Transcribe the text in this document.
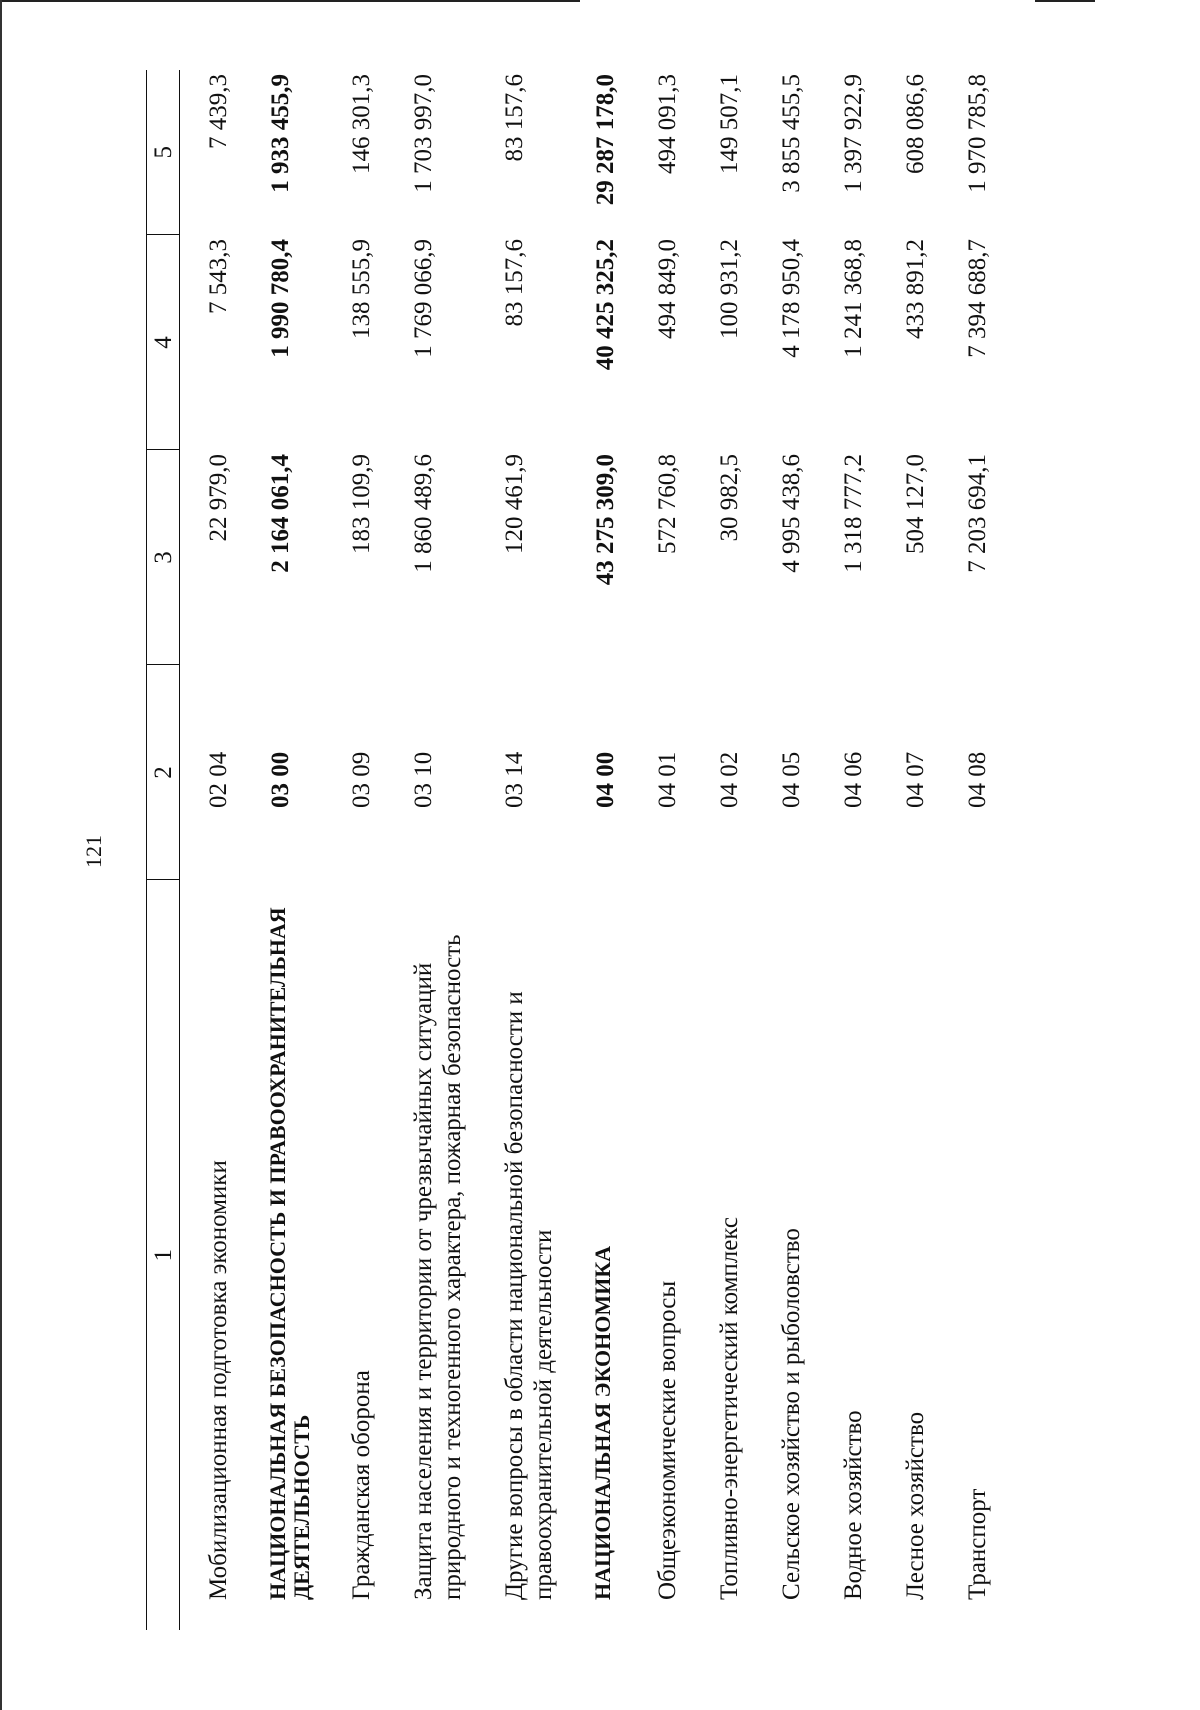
121
1	2	3	4	5

Мобилизационная подготовка экономики	02 04	22 979,0	7 543,3	7 439,3
НАЦИОНАЛЬНАЯ БЕЗОПАСНОСТЬ И ПРАВООХРАНИТЕЛЬНАЯ ДЕЯТЕЛЬНОСТЬ	03 00	2 164 061,4	1 990 780,4	1 933 455,9
Гражданская оборона	03 09	183 109,9	138 555,9	146 301,3
Защита населения и территории от чрезвычайных ситуаций природного и техногенного характера, пожарная безопасность	03 10	1 860 489,6	1 769 066,9	1 703 997,0
Другие вопросы в области национальной безопасности и правоохранительной деятельности	03 14	120 461,9	83 157,6	83 157,6
НАЦИОНАЛЬНАЯ ЭКОНОМИКА	04 00	43 275 309,0	40 425 325,2	29 287 178,0
Общеэкономические вопросы	04 01	572 760,8	494 849,0	494 091,3
Топливно-энергетический комплекс	04 02	30 982,5	100 931,2	149 507,1
Сельское хозяйство и рыболовство	04 05	4 995 438,6	4 178 950,4	3 855 455,5
Водное хозяйство	04 06	1 318 777,2	1 241 368,8	1 397 922,9
Лесное хозяйство	04 07	504 127,0	433 891,2	608 086,6
Транспорт	04 08	7 203 694,1	7 394 688,7	1 970 785,8
